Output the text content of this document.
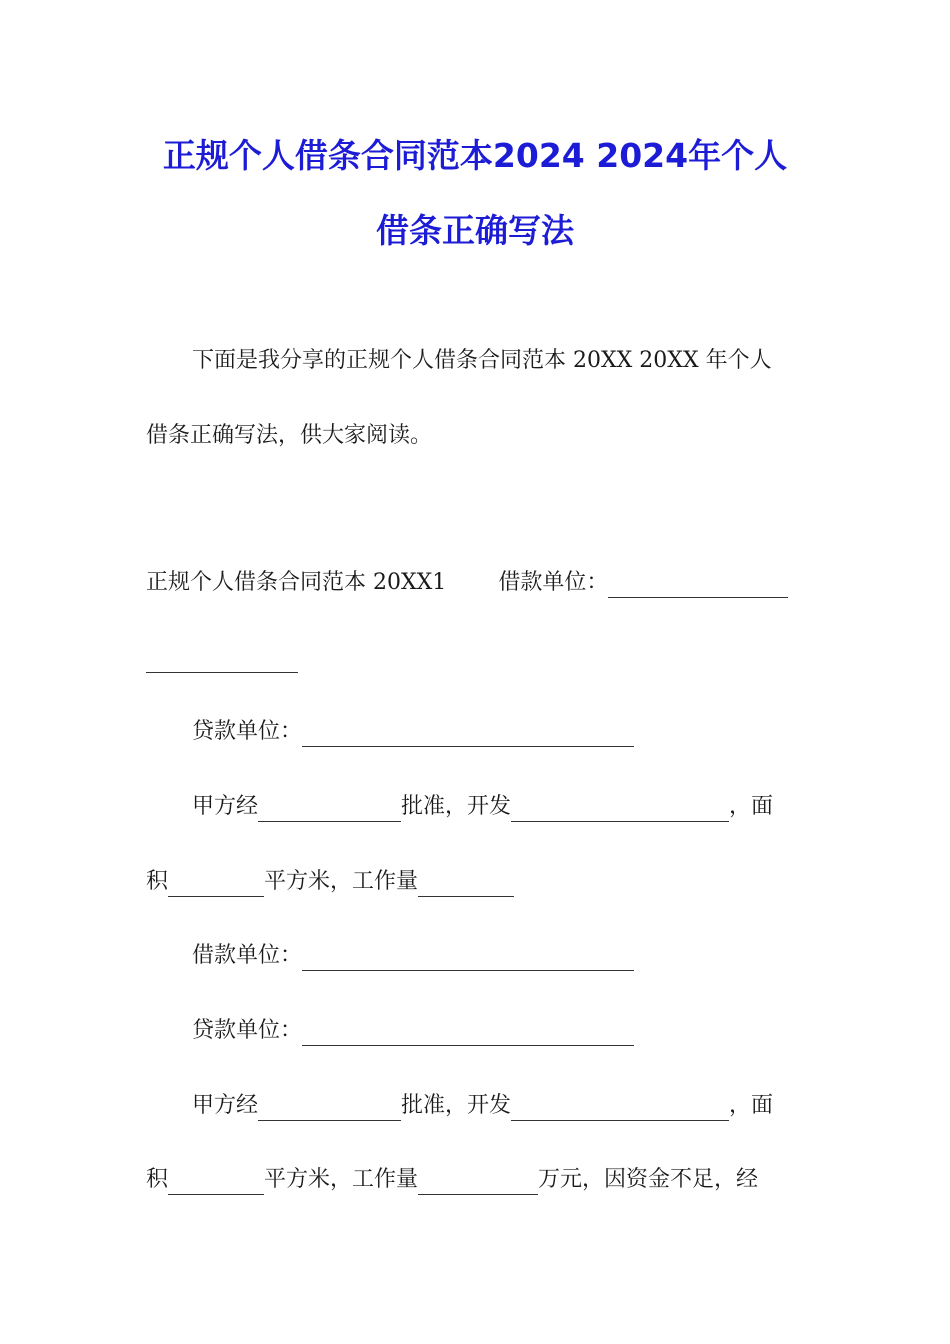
正规个人借条合同范本2024 2024年个人
借条正确写法
下面是我分享的正规个人借条合同范本 20XX 20XX 年个人
借条正确写法，供大家阅读。
正规个人借条合同范本 20XX1 借款单位：
贷款单位：
甲方经	批准，开发	，面
积	平方米，工作量
借款单位：
贷款单位：
甲方经	批准，开发	，面
积	平方米，工作量	万元，因资金不足，经
